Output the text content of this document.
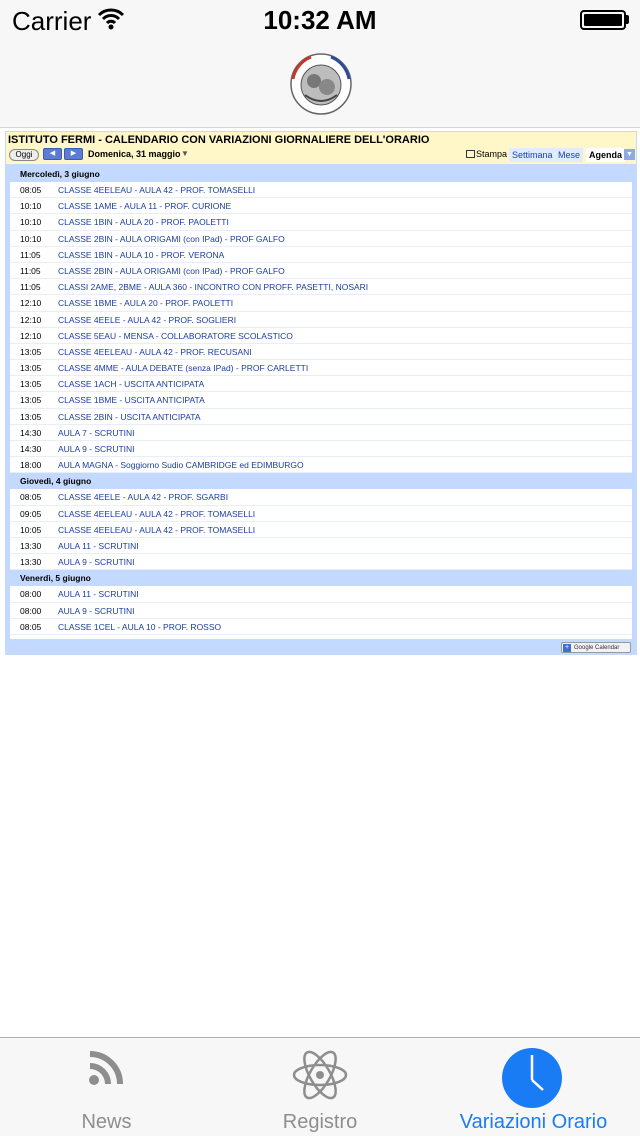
Carrier	10:32 AM
ISTITUTO FERMI - CALENDARIO CON VARIAZIONI GIORNALIERE DELL'ORARIO
Oggi	◀	▶	Domenica, 31 maggio ▼	Stampa Settimana Mese Agenda ▼
Mercoledì, 3 giugno
08:05 CLASSE 4EELEAU - AULA 42 - PROF. TOMASELLI
10:10 CLASSE 1AME - AULA 11 - PROF. CURIONE
10:10 CLASSE 1BIN - AULA 20 - PROF. PAOLETTI
10:10 CLASSE 2BIN - AULA ORIGAMI (con IPad) - PROF GALFO
11:05 CLASSE 1BIN - AULA 10 - PROF. VERONA
11:05 CLASSE 2BIN - AULA ORIGAMI (con IPad) - PROF GALFO
11:05 CLASSI 2AME, 2BME - AULA 360 - INCONTRO CON PROFF. PASETTI, NOSARI
12:10 CLASSE 1BME - AULA 20 - PROF. PAOLETTI
12:10 CLASSE 4EELE - AULA 42 - PROF. SOGLIERI
12:10 CLASSE 5EAU - MENSA - COLLABORATORE SCOLASTICO
13:05 CLASSE 4EELEAU - AULA 42 - PROF. RECUSANI
13:05 CLASSE 4MME - AULA DEBATE (senza IPad) - PROF CARLETTI
13:05 CLASSE 1ACH - USCITA ANTICIPATA
13:05 CLASSE 1BME - USCITA ANTICIPATA
13:05 CLASSE 2BIN - USCITA ANTICIPATA
14:30 AULA 7 - SCRUTINI
14:30 AULA 9 - SCRUTINI
18:00 AULA MAGNA - Soggiorno Sudio CAMBRIDGE ed EDIMBURGO
Giovedì, 4 giugno
08:05 CLASSE 4EELE - AULA 42 - PROF. SGARBI
09:05 CLASSE 4EELEAU - AULA 42 - PROF. TOMASELLI
10:05 CLASSE 4EELEAU - AULA 42 - PROF. TOMASELLI
13:30 AULA 11 - SCRUTINI
13:30 AULA 9 - SCRUTINI
Venerdì, 5 giugno
08:00 AULA 11 - SCRUTINI
08:00 AULA 9 - SCRUTINI
08:05 CLASSE 1CEL - AULA 10 - PROF. ROSSO
+ Google Calendar
News	Registro	Variazioni Orario
